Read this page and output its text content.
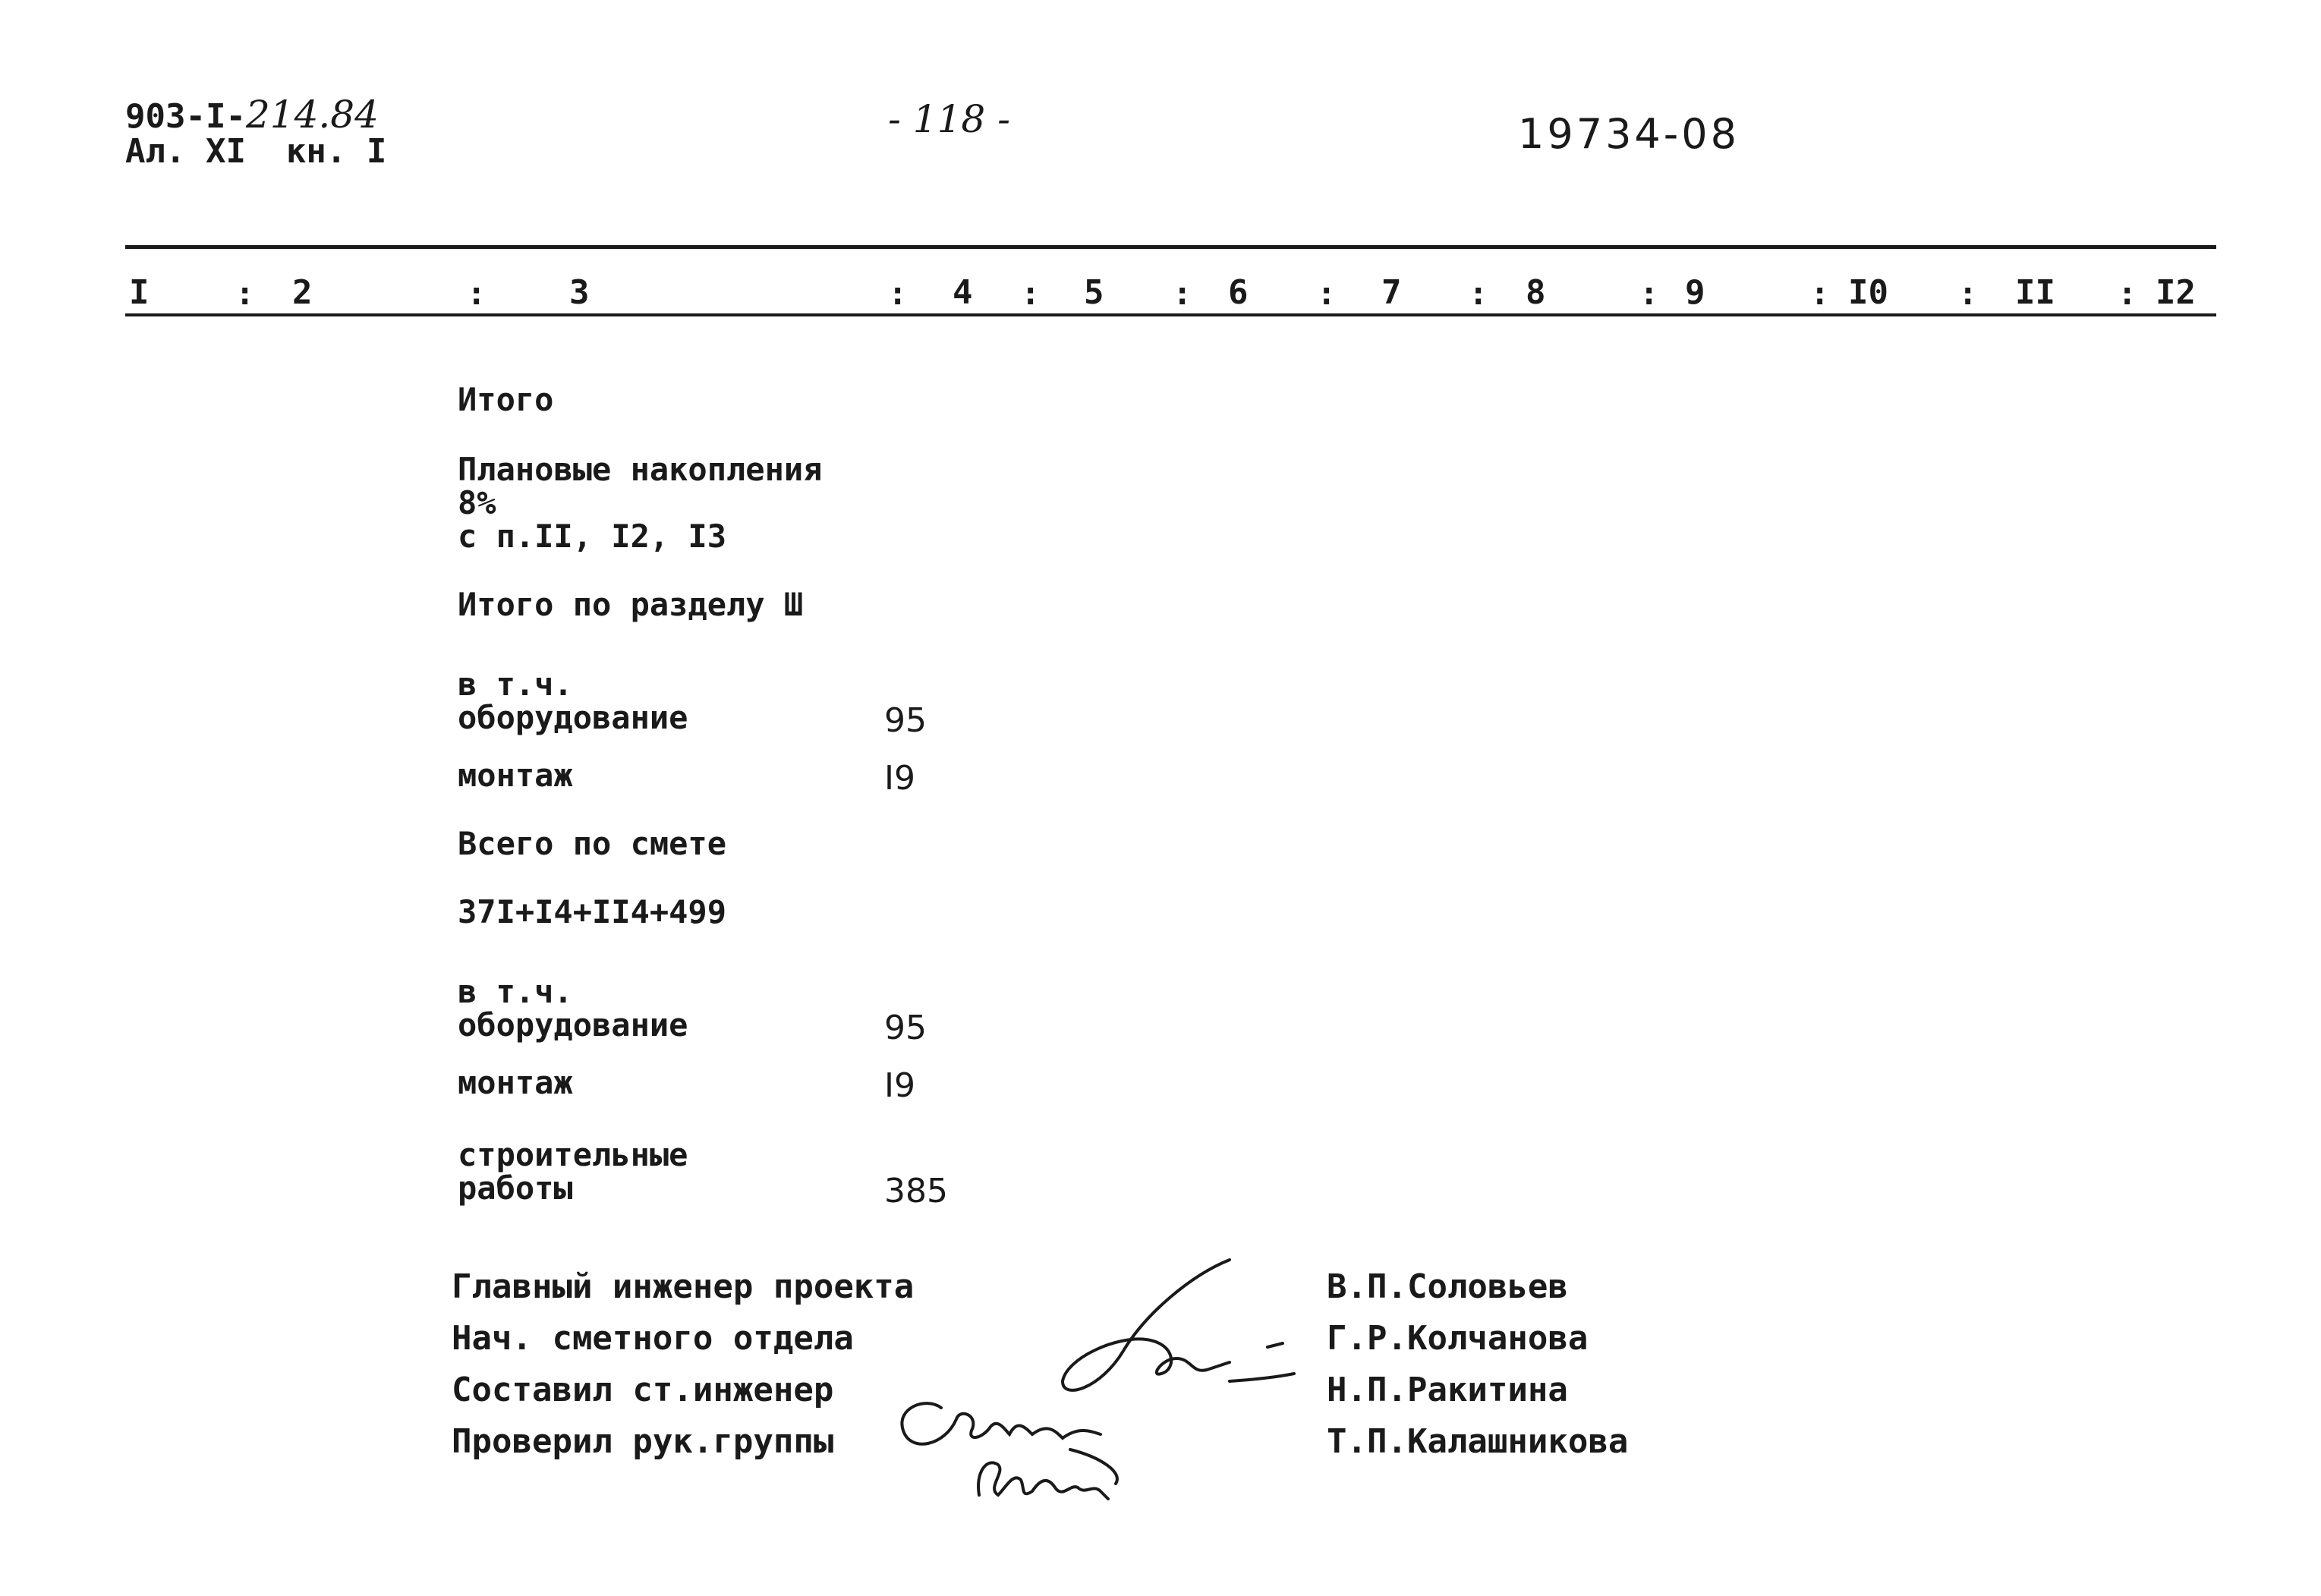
903-I-214.84
Ал. XI  кн. I
- 118 -	19734-08
I	2	3	4	5	6	7	8	9	I0	II	I2
:	:	:	:	:	:	:	:	:	:	:
Итого
Плановые накопления
8%
с п.II, I2, I3
Итого по разделу Ш
в т.ч.
оборудование	95
монтаж	I9
Всего по смете
37I+I4+II4+499
в т.ч.
оборудование	95
монтаж	I9
строительные
работы	385
Главный инженер проекта	В.П.Соловьев
Нач. сметного отдела	Г.Р.Колчанова
Составил ст.инженер	Н.П.Ракитина
Проверил рук.группы	Т.П.Калашникова
